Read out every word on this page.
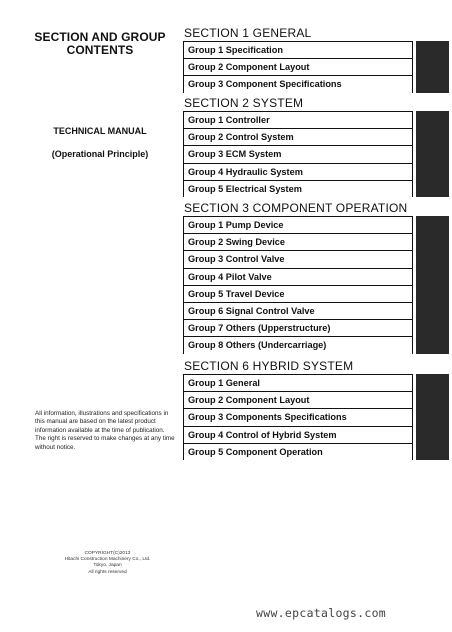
SECTION AND GROUP
CONTENTS
TECHNICAL MANUAL
(Operational Principle)
All information, illustrations and specifications in this manual are based on the latest product information available at the time of publication. The right is reserved to make changes at any time without notice.
COPYRIGHT(C)2013
Hitachi Construction Machinery Co., Ltd.
Tokyo, Japan
All rights reserved
SECTION 1 GENERAL
Group 1 Specification
Group 2 Component Layout
Group 3 Component Specifications
SECTION 2 SYSTEM
Group 1 Controller
Group 2 Control System
Group 3 ECM System
Group 4 Hydraulic System
Group 5 Electrical System
SECTION 3 COMPONENT OPERATION
Group 1 Pump Device
Group 2 Swing Device
Group 3 Control Valve
Group 4 Pilot Valve
Group 5 Travel Device
Group 6 Signal Control Valve
Group 7 Others (Upperstructure)
Group 8 Others (Undercarriage)
SECTION 6 HYBRID SYSTEM
Group 1 General
Group 2 Component Layout
Group 3 Components Specifications
Group 4 Control of Hybrid System
Group 5 Component Operation
www.epcatalogs.com
